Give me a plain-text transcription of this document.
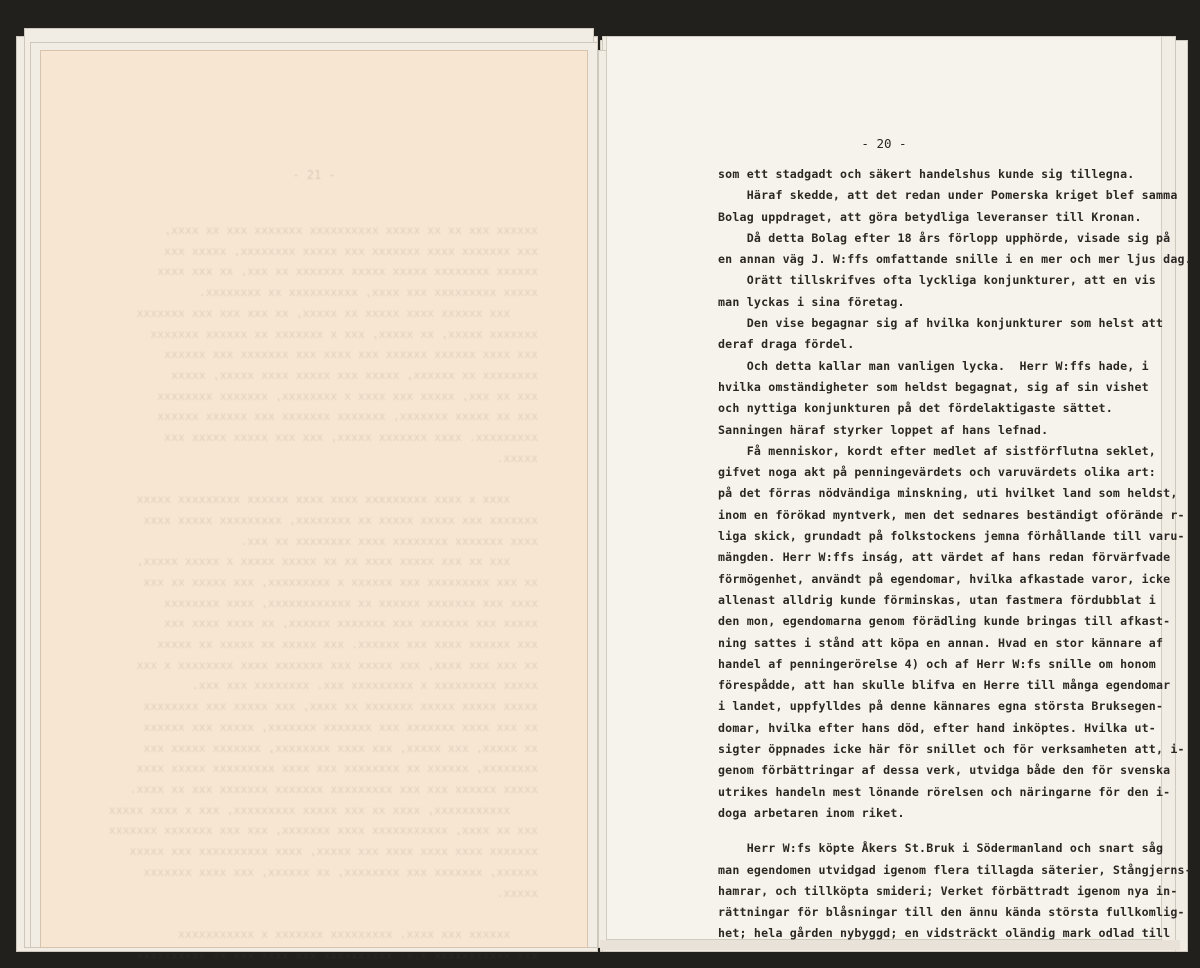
- 21 -
xxxxxx xxx xx xx xxxxx xxxxxxxxxx xxxxxxx xxx xx xxxx,
xxx xxxxxxx xxxx xxxxxxx xxx xxxxx xxxxxxxx, xxxxx xxx
xxxxxx xxxxxxxx xxxxx xxxxx xxxxxxx xx xxx, xx xxx xxxx
xxxxx xxxxxxxxx xxx xxxx, xxxxxxxxxx xx xxxxxxxx.
xxx xxxxxx xxxx xxxxx xx xxxxx, xx xxx xxx xxx xxxxxxx
xxxxxxx xxxxx, xx xxxxx, xxx x xxxxxxx xx xxxxxx xxxxxxx
xxx xxxx xxxxxx xxxxxx xxx xxxx xxx xxxxxxx xxx xxxxxx
xxxxxxxx xx xxxxxx, xxxxx xxx xxxxx xxxx xxxxx, xxxxx
xxx xx xxx, xxxxx xxx xxxx x xxxxxxxx, xxxxxxx xxxxxxxx
xxx xx xxxxx xxxxxxx, xxxxxxx xxxxxxx xxx xxxxxx xxxxxx
xxxxxxxxx. xxxx xxxxxxx xxxxx, xxx xxx xxxxx xxxxx xxx
xxxxx.

xxxx x xxxx xxxxxxxxx xxxx xxxx xxxxxx xxxxxxxxx xxxxx
xxxxxxx xxx xxxxx xxxxx xx xxxxxxxx, xxxxxxxxx xxxxx xxxx
xxxx xxxxxxx xxxxxxxx xxxx xxxxxxxx xx xxx.
xxx xx xxx xxxxx xxxx xx xx xxxxx xxxxx x xxxxx xxxxx,
xx xxx xxxxxxxxx xxx xxxxxx x xxxxxxxxx, xxx xxxxx xx xxx
xxxx xxx xxxxxxx xxxxxx xx xxxxxxxxxxxx, xxxx xxxxxxxx
xxxxx xxx xxxxxxx xxx xxxxxxx xxxxxx, xx xxxx xxxx xxx
xxx xxxxxx xxxx xxx xxxxxx. xxx xxxxx xx xxxxx xx xxxxx
xx xxx xxx xxxx, xxx xxxxx xxx xxxxxxx xxxx xxxxxxxx x xxx
xxxxx xxxxxxxxx x xxxxxxxxx xxx. xxxxxxxx xxx xxx.
xxxxx xxxxx xxxxx xxxxxxx xx xxxx, xxx xxxxx xxx xxxxxxxx
xx xxx xxxx xxxxxxx xxx xxxxxxx xxxxxxx, xxxxx xxx xxxxxx
xx xxxxx, xxx xxxxx, xxx xxxx xxxxxxxx, xxxxxxx xxxxx xxx
xxxxxxxx, xxxxxx xx xxxxxxxx xxx xxxx xxxxxxxxx xxxxx xxxx
xxxxx xxxxxx xxx xxx xxxxxxxxx xxxxxxx xxxxxxx xxx xx xxxx.
xxxxxxxxxxx, xxxx xx xxx xxxxx xxxxxxxxx, xxx x xxxx xxxxx
xxx xx xxxx, xxxxxxxxxxx xxxx xxxxxxx, xxx xxx xxxxxxx xxxxxxx
xxxxxxx xxxx xxxx xxxx xxx xxxxx, xxxx xxxxxxxxxx xxx xxxxx
xxxxxx, xxxxxxx xxx xxxxxxxx, xx xxxxxx, xxx xxxx xxxxxxx
xxxxx.

xxxxxx xxx xxxx. xxxxxxxxx xxxxxxx x xxxxxxxxxxx
xxx xxxxxxxxxxx x.x. xxxxxxxxxx xxx xxxx xxx xx xxxxxxxxxx.
- 20 -
som ett stadgadt och säkert handelshus kunde sig tillegna.
Häraf skedde, att det redan under Pomerska kriget blef samma
Bolag uppdraget, att göra betydliga leveranser till Kronan.
Då detta Bolag efter 18 års förlopp upphörde, visade sig på
en annan väg J. W:ffs omfattande snille i en mer och mer ljus dag.
Orätt tillskrifves ofta lyckliga konjunkturer, att en vis
man lyckas i sina företag.
Den vise begagnar sig af hvilka konjunkturer som helst att
deraf draga fördel.
Och detta kallar man vanligen lycka.  Herr W:ffs hade, i
hvilka omständigheter som heldst begagnat, sig af sin vishet
och nyttiga konjunkturen på det fördelaktigaste sättet.
Sanningen häraf styrker loppet af hans lefnad.
Få menniskor, kordt efter medlet af sistförflutna seklet,
gifvet noga akt på penningevärdets och varuvärdets olika art:
på det förras nödvändiga minskning, uti hvilket land som heldst,
inom en förökad myntverk, men det sednares beständigt oförände r-
liga skick, grundadt på folkstockens jemna förhållande till varu-
mängden. Herr W:ffs inság, att värdet af hans redan förvärfvade
förmögenhet, användt på egendomar, hvilka afkastade varor, icke
allenast alldrig kunde förminskas, utan fastmera fördubblat i
den mon, egendomarna genom förädling kunde bringas till afkast-
ning sattes i stånd att köpa en annan. Hvad en stor kännare af
handel af penningerörelse 4) och af Herr W:fs snille om honom
förespådde, att han skulle blifva en Herre till många egendomar
i landet, uppfylldes på denne kännares egna största Bruksegen-
domar, hvilka efter hans död, efter hand inköptes. Hvilka ut-
sigter öppnades icke här för snillet och för verksamheten att, i-
genom förbättringar af dessa verk, utvidga både den för svenska
utrikes handeln mest lönande rörelsen och näringarne för den i-
doga arbetaren inom riket.
Herr W:fs köpte Åkers St.Bruk i Södermanland och snart såg
man egendomen utvidgad igenom flera tillagda säterier, Stångjerns-
hamrar, och tillköpta smideri; Verket förbättradt igenom nya in-
rättningar för blåsningar till den ännu kända största fullkomlig-
het; hela gården nybyggd; en vidsträckt oländig mark odlad till
